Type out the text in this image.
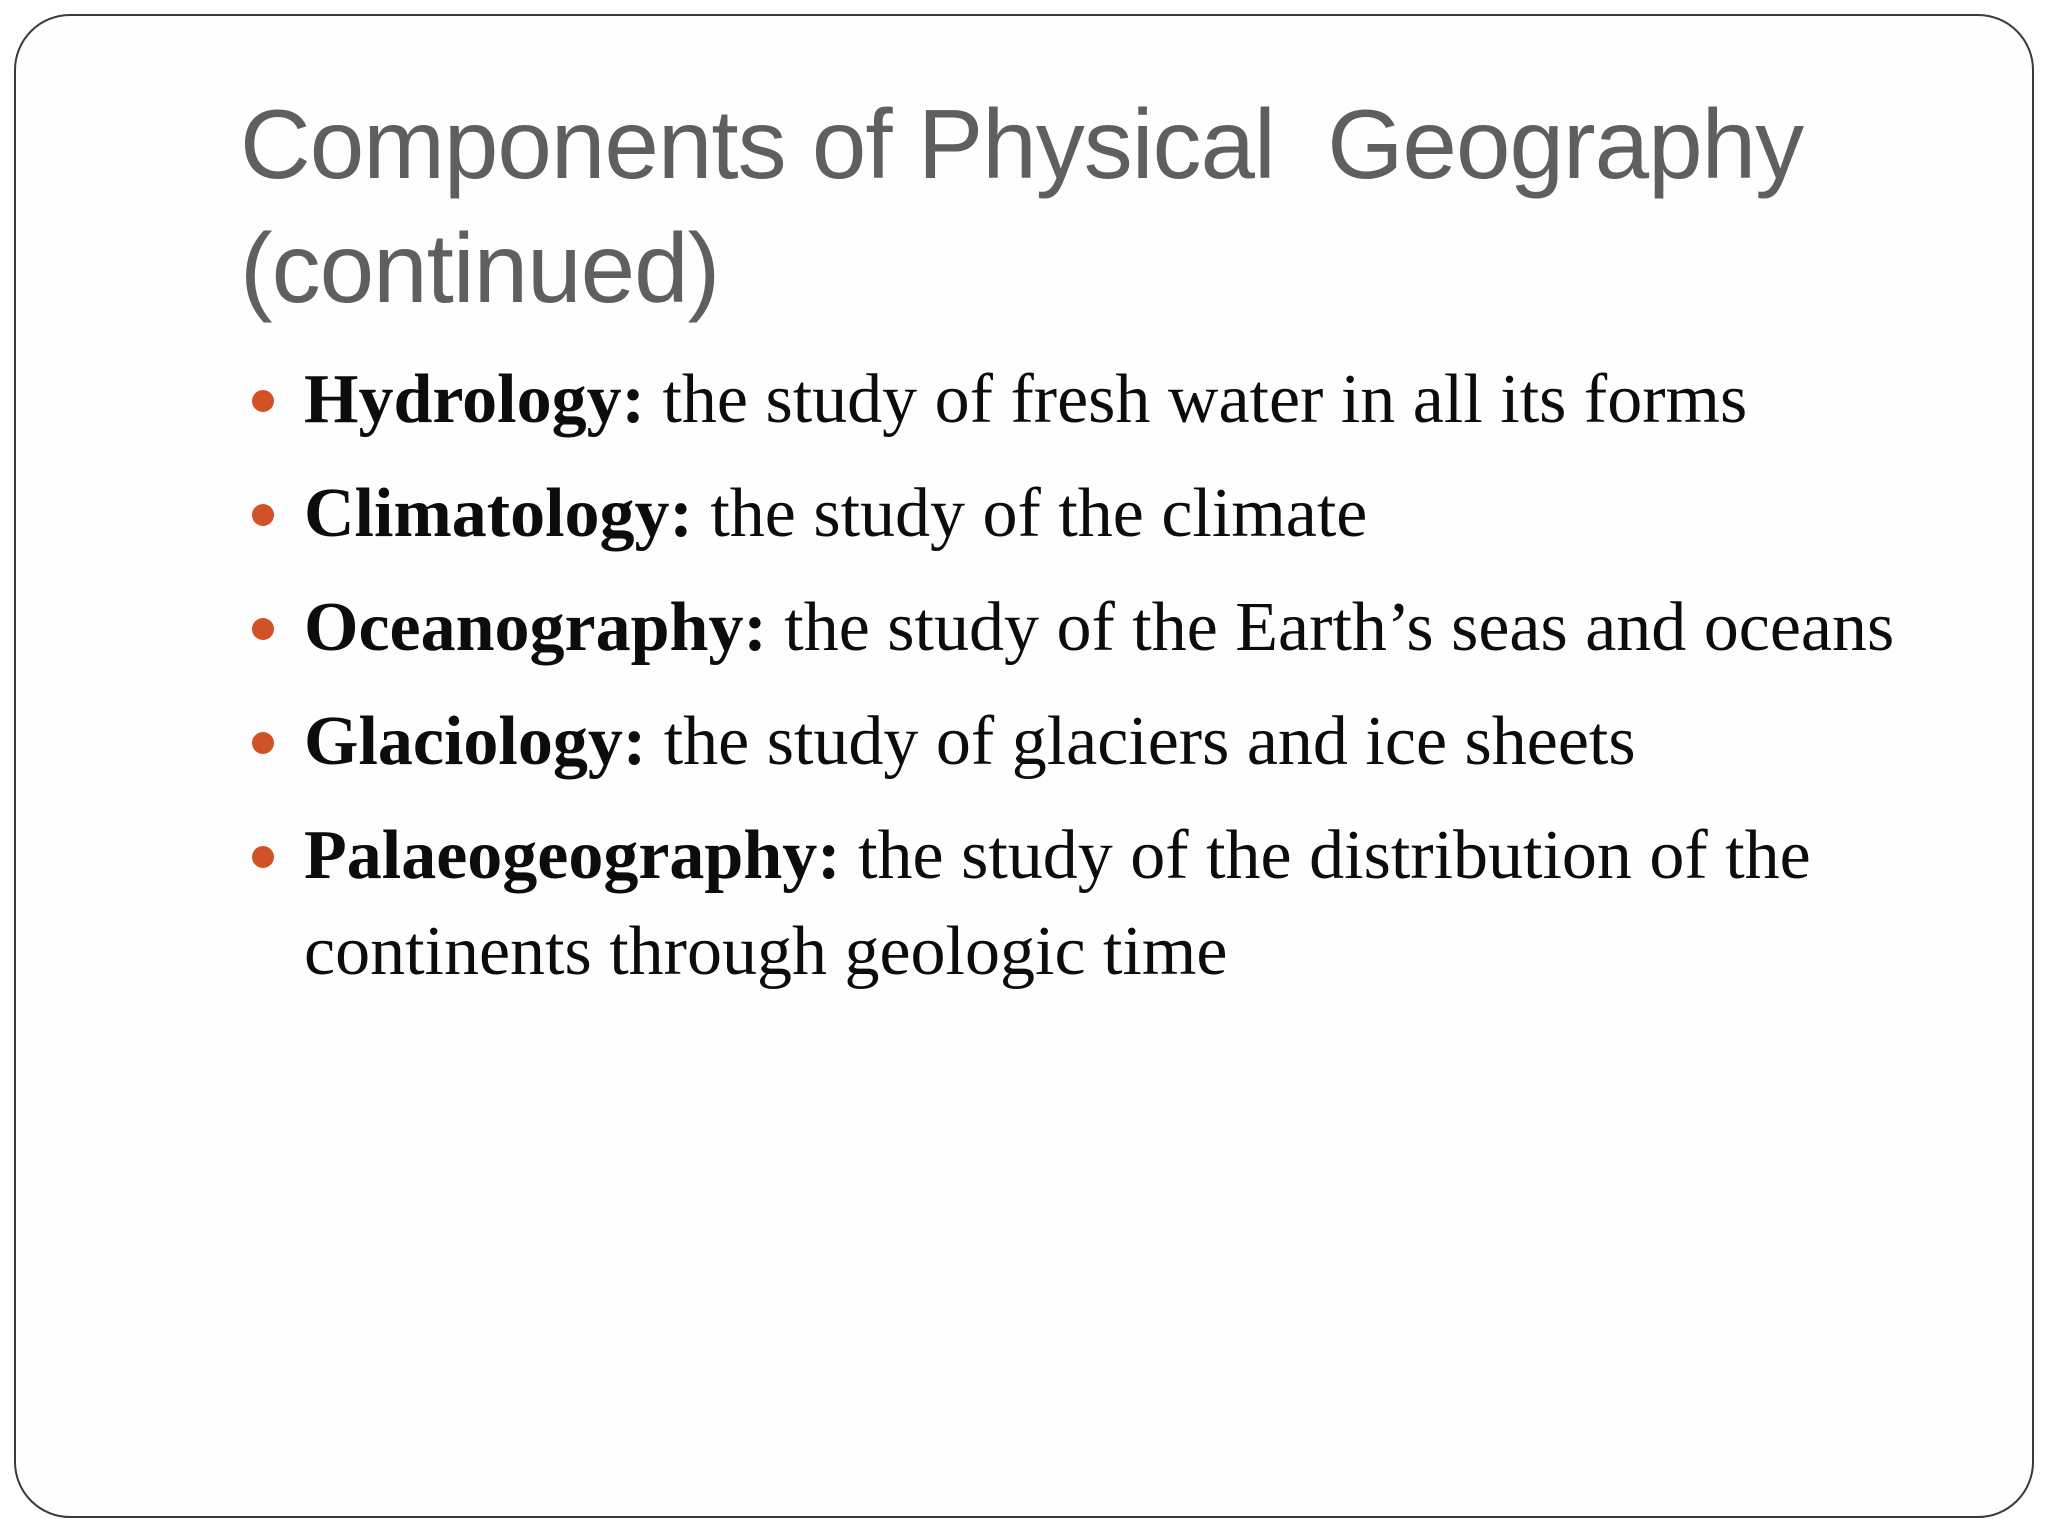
Components of Physical  Geography
(continued)
Hydrology: the study of fresh water in all its forms
Climatology: the study of the climate
Oceanography: the study of the Earth’s seas and oceans
Glaciology: the study of glaciers and ice sheets
Palaeogeography: the study of the distribution of the continents through geologic time
